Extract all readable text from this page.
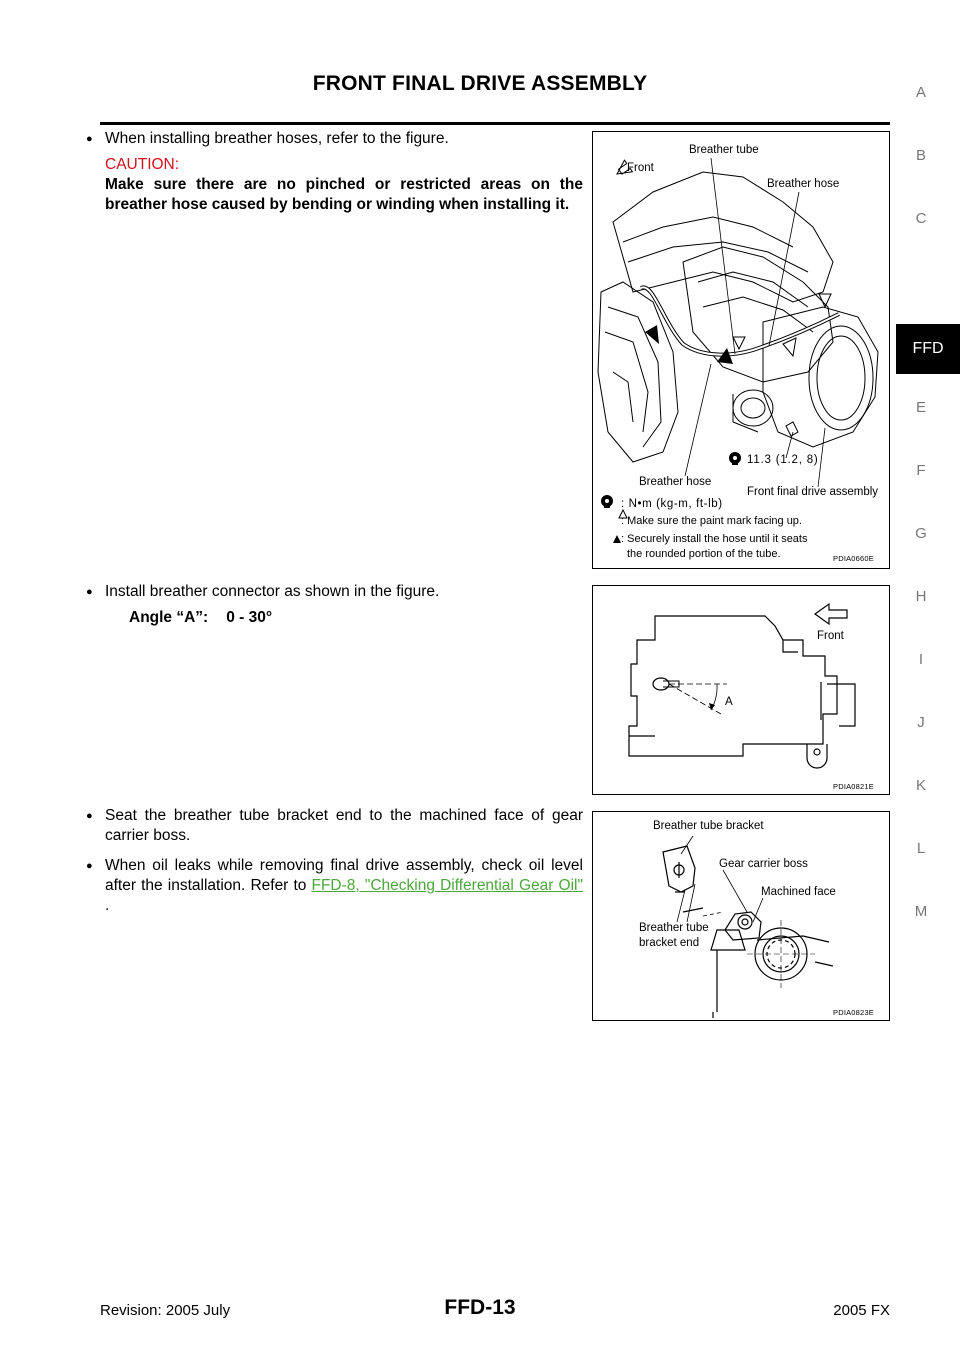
FRONT FINAL DRIVE ASSEMBLY	A
B
C
E
F
G
H
I
J
K
L
M
FFD
● When installing breather hoses, refer to the figure.
CAUTION:
Make sure there are no pinched or restricted areas on the breather hose caused by bending or winding when installing it.
Front
Breather tube
Breather hose
11.3 (1.2, 8)
Breather hose
Front final drive assembly
: N•m (kg-m, ft-lb)
: Make sure the paint mark facing up.
: Securely install the hose until it seats
the rounded portion of the tube.	PDIA0660E
● Install breather connector as shown in the figure.
Angle “A”: 0 - 30°
Front
A
PDIA0821E
● Seat the breather tube bracket end to the machined face of gear carrier boss.
● When oil leaks while removing final drive assembly, check oil level after the installation. Refer to FFD-8, "Checking Differential Gear Oil" .
Breather tube bracket
Gear carrier boss
Machined face
Breather tube
bracket end
PDIA0823E
Revision: 2005 July	FFD-13	2005 FX
